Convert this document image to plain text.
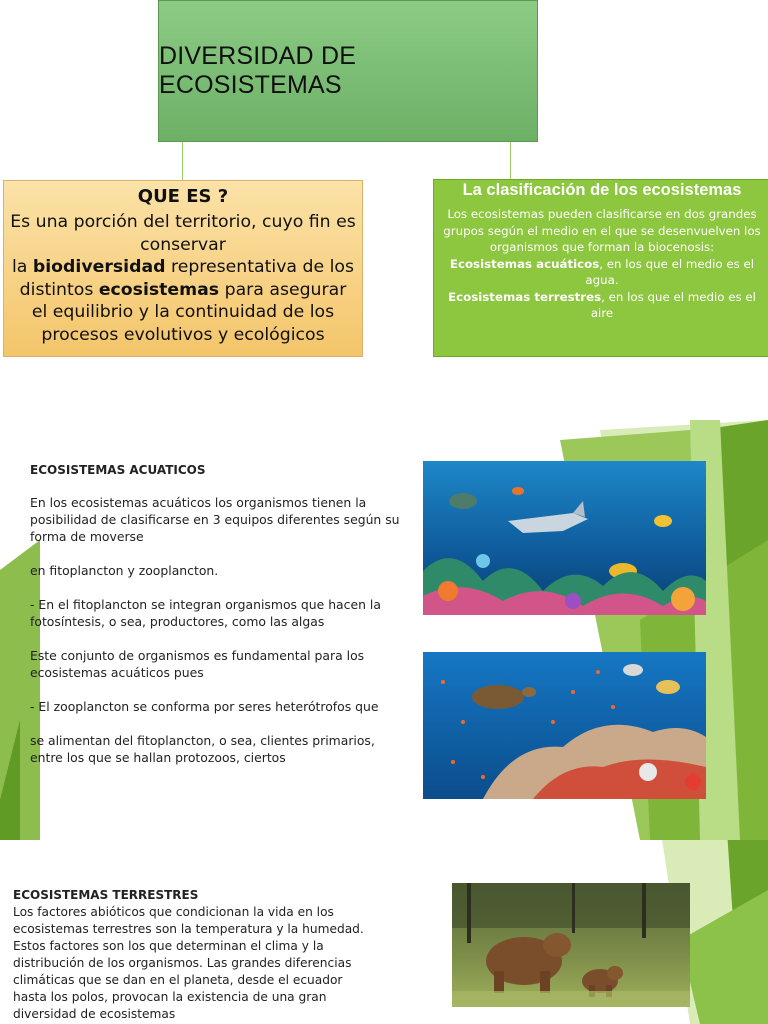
DIVERSIDAD DE ECOSISTEMAS
QUE ES ?
Es una porción del territorio, cuyo fin es conservar
la biodiversidad representativa de los distintos ecosistemas para asegurar el equilibrio y la continuidad de los procesos evolutivos y ecológicos
La clasificación de los ecosistemas
Los ecosistemas pueden clasificarse en dos grandes grupos según el medio en el que se desenvuelven los organismos que forman la biocenosis:
Ecosistemas acuáticos, en los que el medio es el agua.
Ecosistemas terrestres, en los que el medio es el aire

ECOSISTEMAS ACUATICOS

En los ecosistemas acuáticos los organismos tienen la posibilidad de clasificarse en 3 equipos diferentes según su forma de moverse

en fitoplancton y zooplancton.

- En el fitoplancton se integran organismos que hacen la fotosíntesis, o sea, productores, como las algas

Este conjunto de organismos es fundamental para los ecosistemas acuáticos pues

- El zooplancton se conforma por seres heterótrofos que

se alimentan del fitoplancton, o sea, clientes primarios, entre los que se hallan protozoos, ciertos

ECOSISTEMAS TERRESTRES
Los factores abióticos que condicionan la vida en los ecosistemas terrestres son la temperatura y la humedad. Estos factores son los que determinan el clima y la distribución de los organismos. Las grandes diferencias climáticas que se dan en el planeta, desde el ecuador hasta los polos, provocan la existencia de una gran diversidad de ecosistemas
